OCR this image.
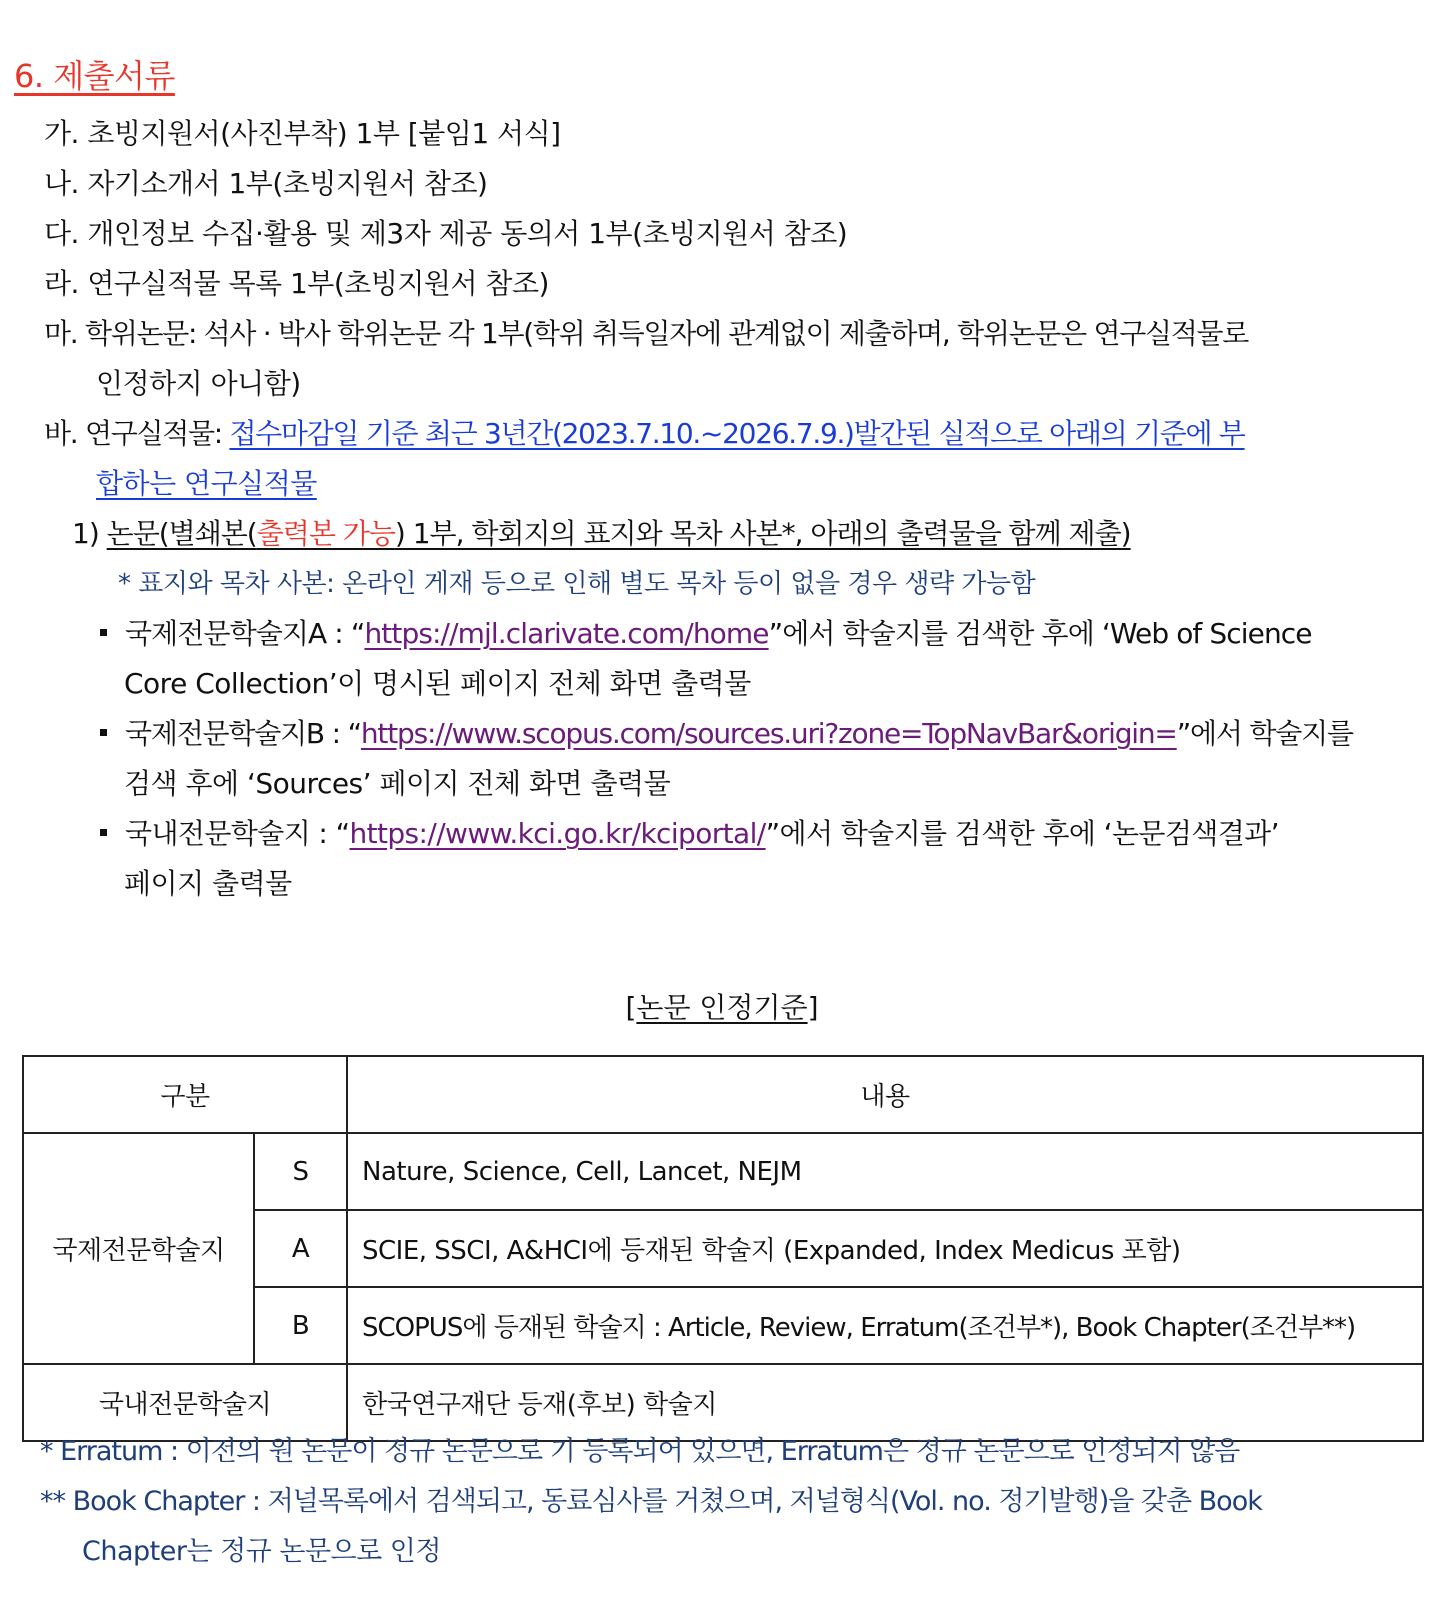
6. 제출서류
가. 초빙지원서(사진부착) 1부 [붙임1 서식]
나. 자기소개서 1부(초빙지원서 참조)
다. 개인정보 수집·활용 및 제3자 제공 동의서 1부(초빙지원서 참조)
라. 연구실적물 목록 1부(초빙지원서 참조)
마. 학위논문: 석사 · 박사 학위논문 각 1부(학위 취득일자에 관계없이 제출하며, 학위논문은 연구실적물로
인정하지 아니함)
바. 연구실적물: 접수마감일 기준 최근 3년간(2023.7.10.~2026.7.9.)발간된 실적으로 아래의 기준에 부
합하는 연구실적물
1) 논문(별쇄본(출력본 가능) 1부, 학회지의 표지와 목차 사본*, 아래의 출력물을 함께 제출)
* 표지와 목차 사본: 온라인 게재 등으로 인해 별도 목차 등이 없을 경우 생략 가능함
국제전문학술지A : “https://mjl.clarivate.com/home”에서 학술지를 검색한 후에 ‘Web of Science
Core Collection’이 명시된 페이지 전체 화면 출력물
국제전문학술지B : “https://www.scopus.com/sources.uri?zone=TopNavBar&origin=”에서 학술지를
검색 후에 ‘Sources’ 페이지 전체 화면 출력물
국내전문학술지 : “https://www.kci.go.kr/kciportal/”에서 학술지를 검색한 후에 ‘논문검색결과’
페이지 출력물
[논문 인정기준]
구분		내용
국제전문학술지	S	Nature, Science, Cell, Lancet, NEJM
	A	SCIE, SSCI, A&HCI에 등재된 학술지 (Expanded, Index Medicus 포함)
	B	SCOPUS에 등재된 학술지 : Article, Review, Erratum(조건부*), Book Chapter(조건부**)
국내전문학술지		한국연구재단 등재(후보) 학술지
* Erratum : 이전의 원 논문이 정규 논문으로 기 등록되어 있으면, Erratum은 정규 논문으로 인정되지 않음
** Book Chapter : 저널목록에서 검색되고, 동료심사를 거쳤으며, 저널형식(Vol. no. 정기발행)을 갖춘 Book
Chapter는 정규 논문으로 인정
